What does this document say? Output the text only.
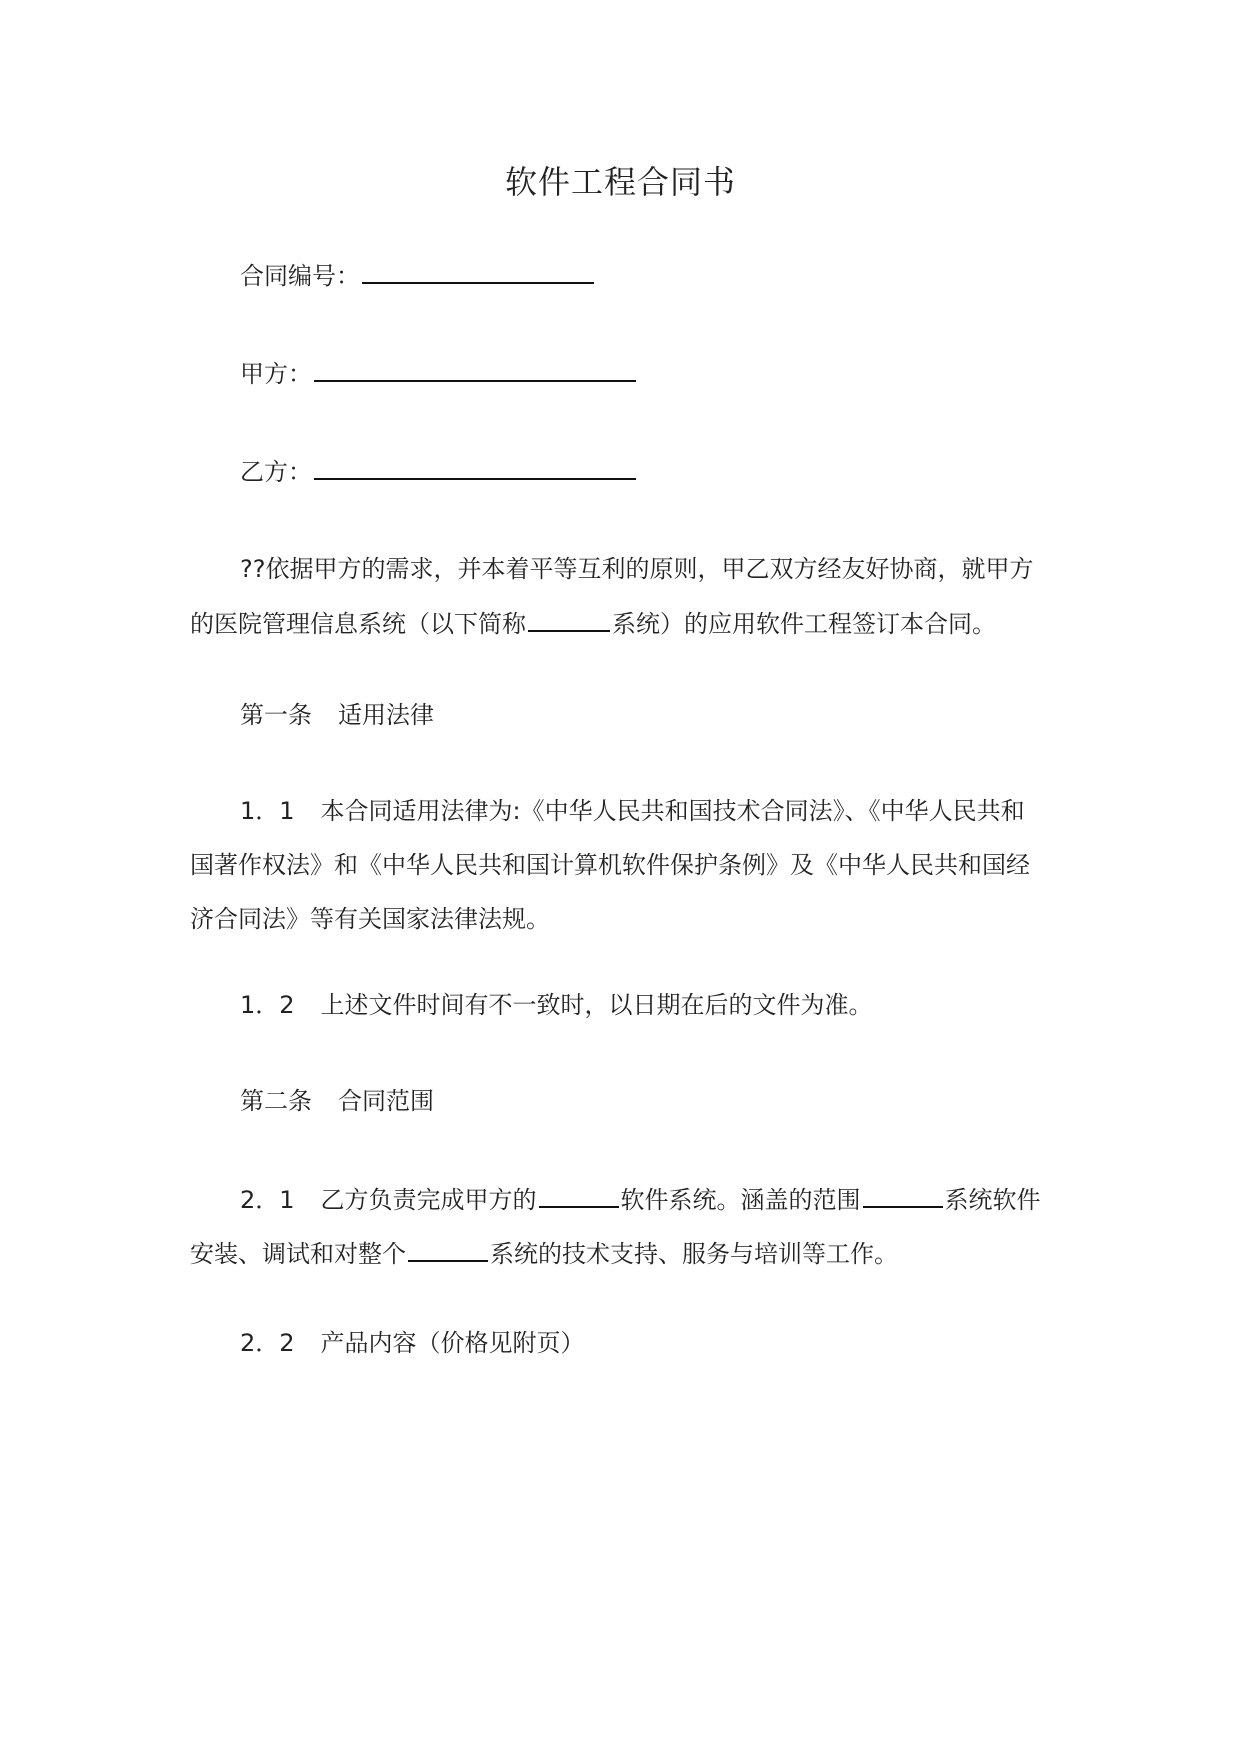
软件工程合同书
合同编号：
甲方：
乙方：
??依据甲方的需求，并本着平等互利的原则，甲乙双方经友好协商，就甲方
的医院管理信息系统（以下简称	系统）的应用软件工程签订本合同。
第一条 适用法律
1．1 本合同适用法律为:《中华人民共和国技术合同法》、《中华人民共和
国著作权法》和《中华人民共和国计算机软件保护条例》及《中华人民共和国经
济合同法》等有关国家法律法规。
1．2 上述文件时间有不一致时，以日期在后的文件为准。
第二条 合同范围
2．1 乙方负责完成甲方的	软件系统。涵盖的范围	系统软件
安装、调试和对整个	系统的技术支持、服务与培训等工作。
2．2 产品内容（价格见附页）
